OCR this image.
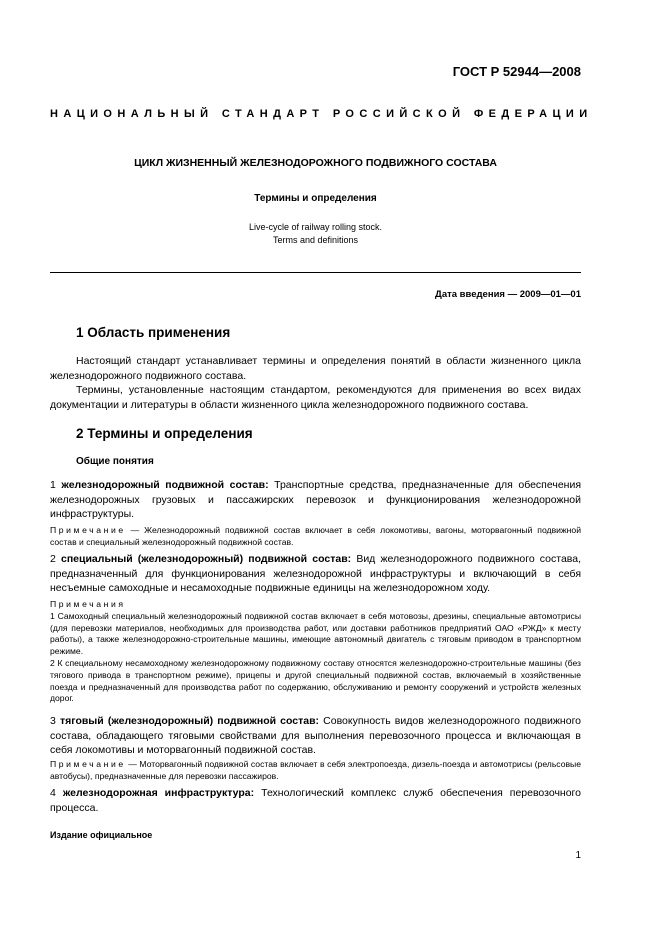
ГОСТ Р 52944—2008
НАЦИОНАЛЬНЫЙ СТАНДАРТ РОССИЙСКОЙ ФЕДЕРАЦИИ
ЦИКЛ ЖИЗНЕННЫЙ ЖЕЛЕЗНОДОРОЖНОГО ПОДВИЖНОГО СОСТАВА
Термины и определения
Live-cycle of railway rolling stock.
Terms and definitions
Дата введения — 2009—01—01
1 Область применения
Настоящий стандарт устанавливает термины и определения понятий в области жизненного цикла железнодорожного подвижного состава.
Термины, установленные настоящим стандартом, рекомендуются для применения во всех видах документации и литературы в области жизненного цикла железнодорожного подвижного состава.
2 Термины и определения
Общие понятия
1 железнодорожный подвижной состав: Транспортные средства, предназначенные для обеспечения железнодорожных грузовых и пассажирских перевозок и функционирования железнодорожной инфраструктуры.
Примечание — Железнодорожный подвижной состав включает в себя локомотивы, вагоны, моторвагонный подвижной состав и специальный железнодорожный подвижной состав.
2 специальный (железнодорожный) подвижной состав: Вид железнодорожного подвижного состава, предназначенный для функционирования железнодорожной инфраструктуры и включающий в себя несъемные самоходные и несамоходные подвижные единицы на железнодорожном ходу.
Примечания
1 Самоходный специальный железнодорожный подвижной состав включает в себя мотовозы, дрезины, специальные автомотрисы (для перевозки материалов, необходимых для производства работ, или доставки работников предприятий ОАО «РЖД» к месту работы), а также железнодорожно-строительные машины, имеющие автономный двигатель с тяговым приводом в транспортном режиме.
2 К специальному несамоходному железнодорожному подвижному составу относятся железнодорожно-строительные машины (без тягового привода в транспортном режиме), прицепы и другой специальный подвижной состав, включаемый в хозяйственные поезда и предназначенный для производства работ по содержанию, обслуживанию и ремонту сооружений и устройств железных дорог.
3 тяговый (железнодорожный) подвижной состав: Совокупность видов железнодорожного подвижного состава, обладающего тяговыми свойствами для выполнения перевозочного процесса и включающая в себя локомотивы и моторвагонный подвижной состав.
Примечание — Моторвагонный подвижной состав включает в себя электропоезда, дизель-поезда и автомотрисы (рельсовые автобусы), предназначенные для перевозки пассажиров.
4 железнодорожная инфраструктура: Технологический комплекс служб обеспечения перевозочного процесса.
Издание официальное
1
